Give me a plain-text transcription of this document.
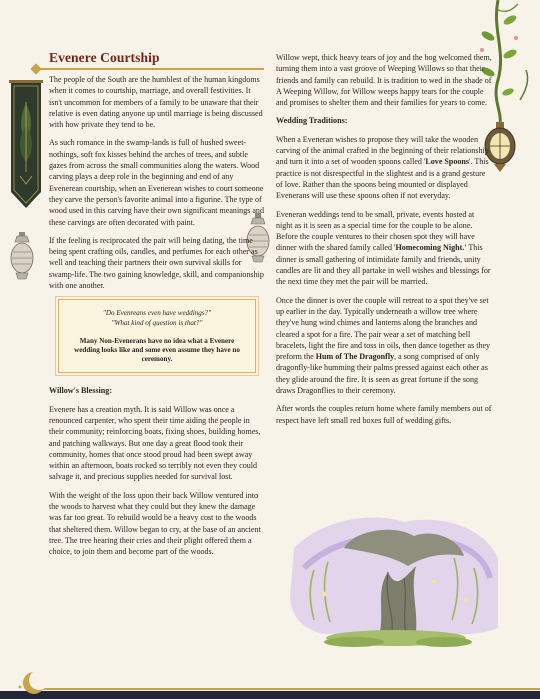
Evenere Courtship

The people of the South are the humblest of the human kingdoms when it comes to courtship, marriage, and overall festivities. It isn't uncommon for members of a family to be unaware that their relative is even dating anyone up until marriage is being discussed with how private they tend to be.

As such romance in the swamp-lands is full of hushed sweet-nothings, soft fox kisses behind the arches of trees, and subtle gazes from across the small communities along the waters. Wood carving plays a deep role in the beginning and end of any Evenerean courtship, when an Evenerean wishes to court someone they carve the person's favorite animal into a figurine. The type of wood used in this carving have their own significant meanings and these carvings are often decorated with paint.

If the feeling is reciprocated the pair will being dating, the time being spent crafting oils, candles, and perfumes for each other as well and teaching their partners their own survival skills for swamp-life. The two gaining knowledge, skill, and companionship with one another.

"Do Evenreans even have weddings?"
"What kind of question is that?"
Many Non-Evenerans have no idea what a Evenere wedding looks like and some even assume they have no ceremony.

Willow's Blessing:

Evenere has a creation myth. It is said Willow was once a renounced carpenter, who spent their time aiding the people in their community; reinforcing boats, fixing shoes, building homes, and patching walkways. But one day a great flood took their community, homes that once stood proud had been swept away within an afternoon, boats rocked so terribly not even they could salvage it, and precious supplies needed for survival lost.

With the weight of the loss upon their back Willow ventured into the woods to harvest what they could but they knew the damage was far too great. To rebuild would be a heavy cost to the woods that sheltered them. Willow began to cry, at the base of an ancient tree. The tree hearing their cries and their plight offered them a choice, to join them and become part of the woods.

Willow wept, thick heavy tears of joy and the bog welcomed them, turning them into a vast groove of Weeping Willows so that their friends and family can rebuild. It is tradition to wed in the shade of A Weeping Willow, for Willow weeps happy tears for the couple and promises to shelter them and their families for years to come.

Wedding Traditions:

When a Eveneran wishes to propose they will take the wooden carving of the animal crafted in the beginning of their relationship and turn it into a set of wooden spoons called 'Love Spoons'. This practice is not disrespectful in the slightest and is a grand gesture of love. Rather than the spoons being mounted or displayed Evenerans will use these spoons often if not everyday.

Eveneran weddings tend to be small, private, events hosted at night as it is seen as a special time for the couple to be alone. Before the couple ventures to their chosen spot they will have dinner with the shared family called 'Homecoming Night.' This dinner is small gathering of intimidate family and friends, unity candles are lit and they all partake in well wishes and blessings for the next time they met the pair will be married.

Once the dinner is over the couple will retreat to a spot they've set up earlier in the day. Typically underneath a willow tree where they've hung wind chimes and lanterns along the branches and cleared a spot for a fire. The pair wear a set of matching bell bracelets, light the fire and toss in oils, then dance together as they preform the Hum of The Dragonfly, a song comprised of only dragonfly-like humming their palms pressed against each other as they glide around the fire. It is seen as great fortune if the song draws Dragonflies to their ceremony.

After words the couples return home where family members out of respect have left small red boxes full of wedding gifts.
